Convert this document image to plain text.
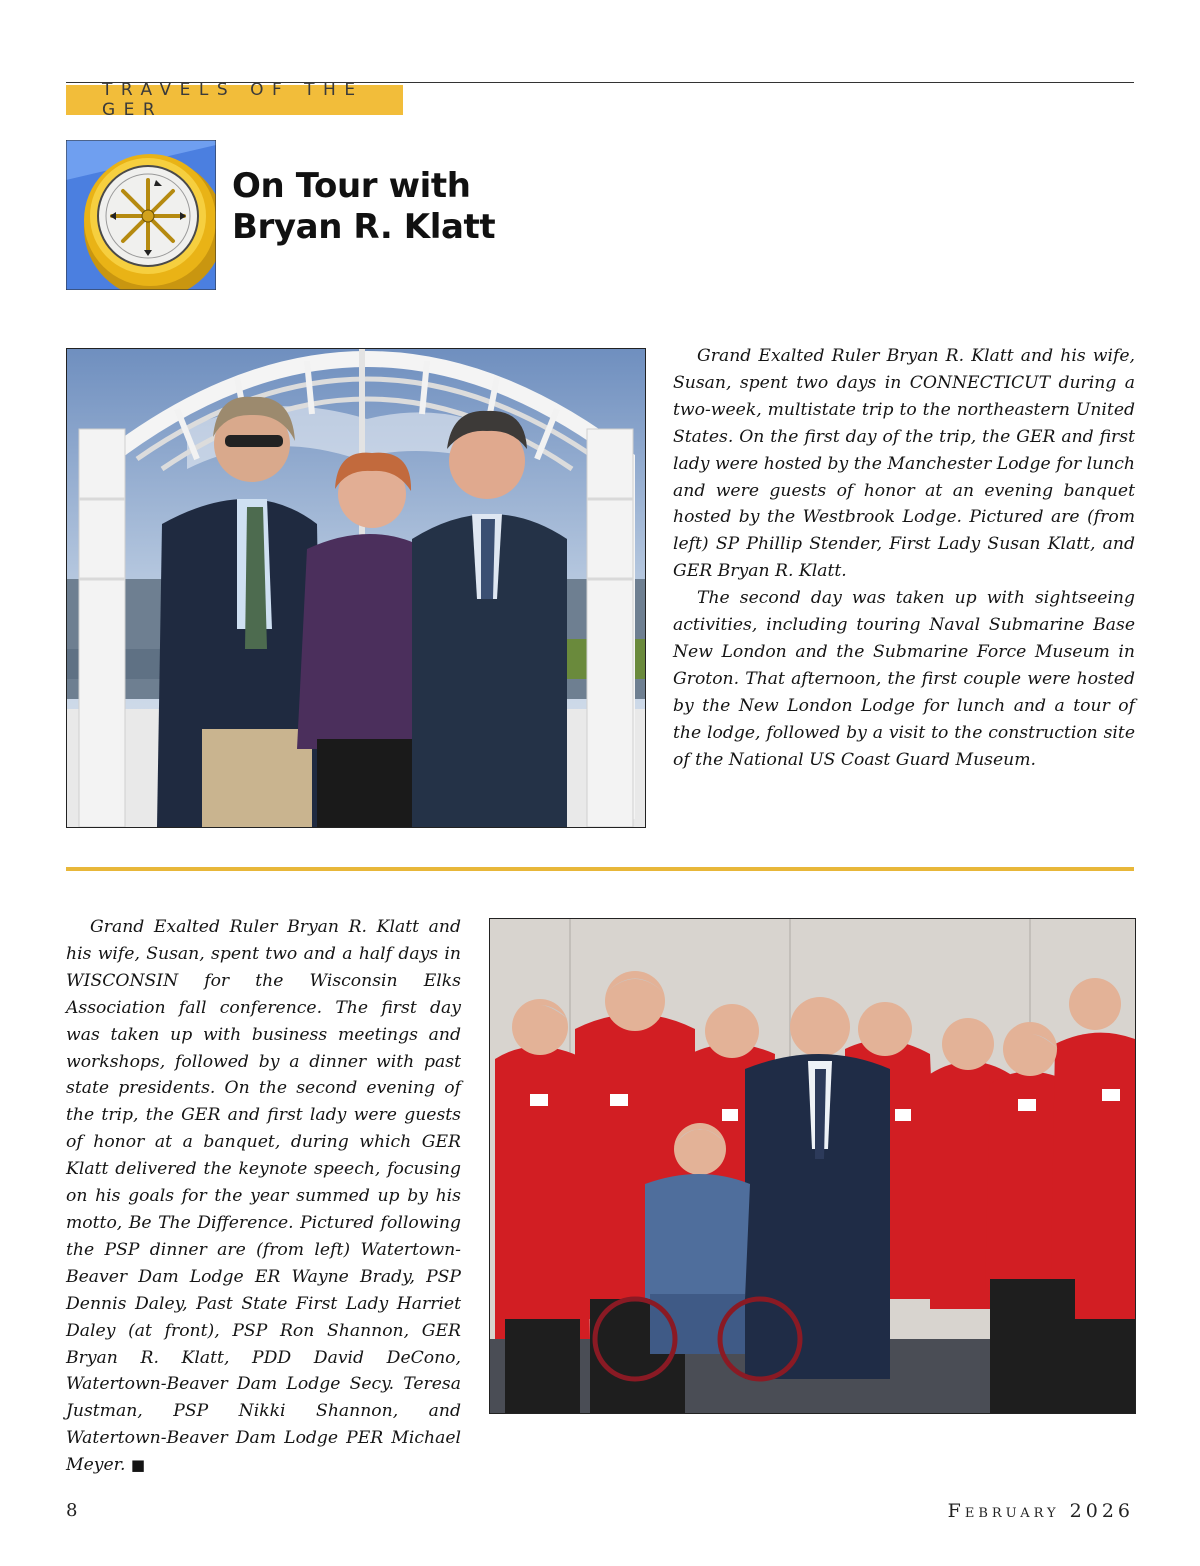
TRAVELS OF THE GER
On Tour with
Bryan R. Klatt

Grand Exalted Ruler Bryan R. Klatt and his wife, Susan, spent two days in CONNECTICUT during a two-week, multistate trip to the northeastern United States. On the first day of the trip, the GER and first lady were hosted by the Manchester Lodge for lunch and were guests of honor at an evening banquet hosted by the Westbrook Lodge. Pictured are (from left) SP Phillip Stender, First Lady Susan Klatt, and GER Bryan R. Klatt.

The second day was taken up with sightseeing activities, including touring Naval Submarine Base New London and the Submarine Force Museum in Groton. That afternoon, the first couple were hosted by the New London Lodge for lunch and a tour of the lodge, followed by a visit to the construction site of the National US Coast Guard Museum.

Grand Exalted Ruler Bryan R. Klatt and his wife, Susan, spent two and a half days in WISCONSIN for the Wisconsin Elks Association fall conference. The first day was taken up with business meetings and workshops, followed by a dinner with past state presidents. On the second evening of the trip, the GER and first lady were guests of honor at a banquet, during which GER Klatt delivered the keynote speech, focusing on his goals for the year summed up by his motto, Be The Difference. Pictured following the PSP dinner are (from left) Watertown-Beaver Dam Lodge ER Wayne Brady, PSP Dennis Daley, Past State First Lady Harriet Daley (at front), PSP Ron Shannon, GER Bryan R. Klatt, PDD David DeCono, Watertown-Beaver Dam Lodge Secy. Teresa Justman, PSP Nikki Shannon, and Watertown-Beaver Dam Lodge PER Michael Meyer. ■

8	February 2026
